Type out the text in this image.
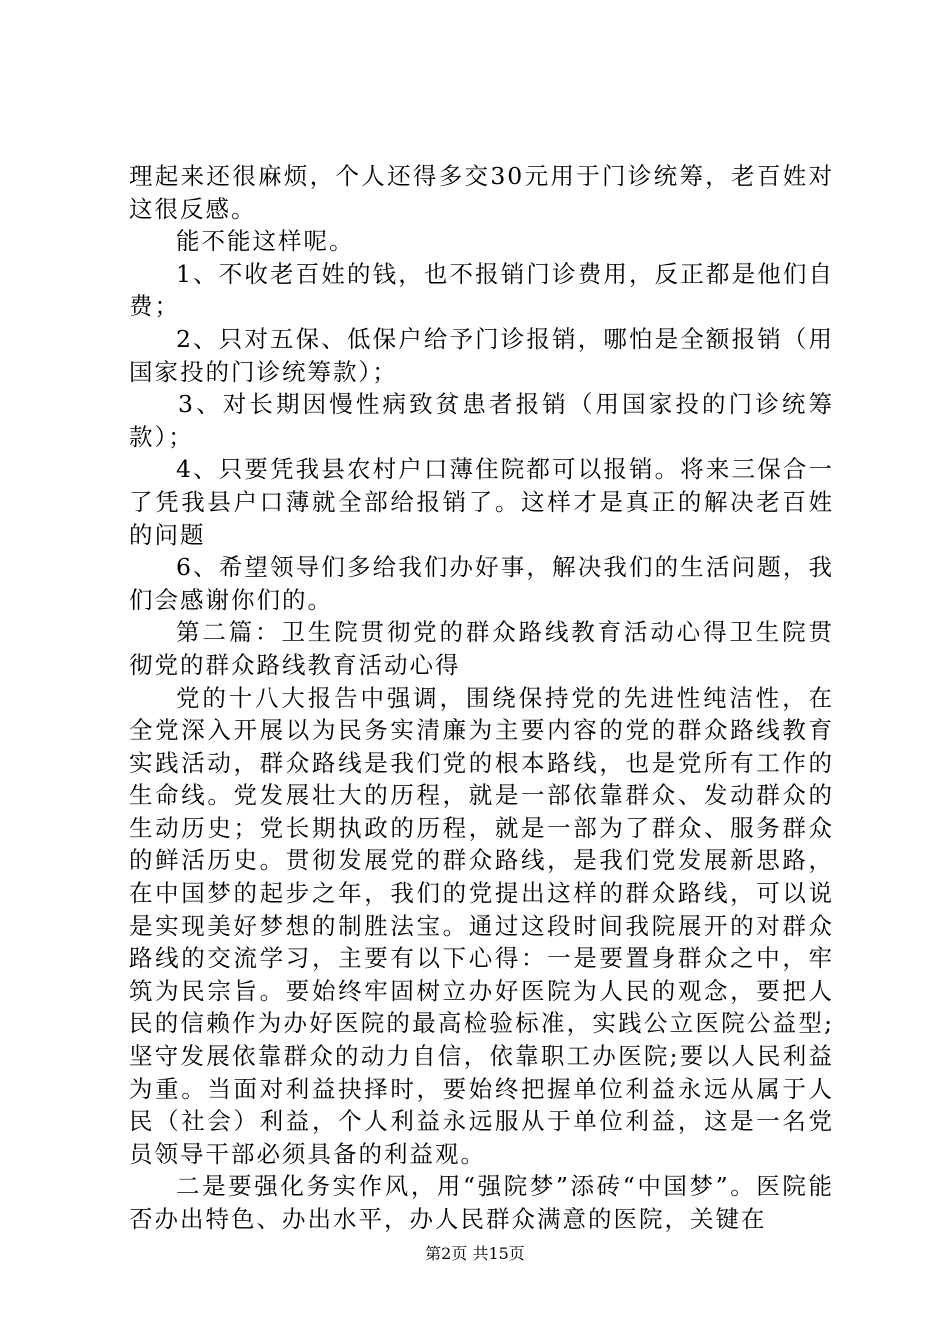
理起来还很麻烦，个人还得多交30元用于门诊统筹，老百姓对这很反感。

能不能这样呢。

1、不收老百姓的钱，也不报销门诊费用，反正都是他们自费；

2、只对五保、低保户给予门诊报销，哪怕是全额报销（用国家投的门诊统筹款）；

3、对长期因慢性病致贫患者报销（用国家投的门诊统筹款）；

4、只要凭我县农村户口薄住院都可以报销。将来三保合一了凭我县户口薄就全部给报销了。这样才是真正的解决老百姓的问题

6、希望领导们多给我们办好事，解决我们的生活问题，我们会感谢你们的。

第二篇：卫生院贯彻党的群众路线教育活动心得卫生院贯彻党的群众路线教育活动心得

党的十八大报告中强调，围绕保持党的先进性纯洁性，在全党深入开展以为民务实清廉为主要内容的党的群众路线教育实践活动，群众路线是我们党的根本路线，也是党所有工作的生命线。党发展壮大的历程，就是一部依靠群众、发动群众的生动历史；党长期执政的历程，就是一部为了群众、服务群众的鲜活历史。贯彻发展党的群众路线，是我们党发展新思路，在中国梦的起步之年，我们的党提出这样的群众路线，可以说是实现美好梦想的制胜法宝。通过这段时间我院展开的对群众路线的交流学习，主要有以下心得：一是要置身群众之中，牢筑为民宗旨。要始终牢固树立办好医院为人民的观念，要把人民的信赖作为办好医院的最高检验标准，实践公立医院公益型;坚守发展依靠群众的动力自信，依靠职工办医院;要以人民利益为重。当面对利益抉择时，要始终把握单位利益永远从属于人民（社会）利益，个人利益永远服从于单位利益，这是一名党员领导干部必须具备的利益观。

二是要强化务实作风，用“强院梦”添砖“中国梦”。医院能否办出特色、办出水平，办人民群众满意的医院，关键在

第2页 共15页
